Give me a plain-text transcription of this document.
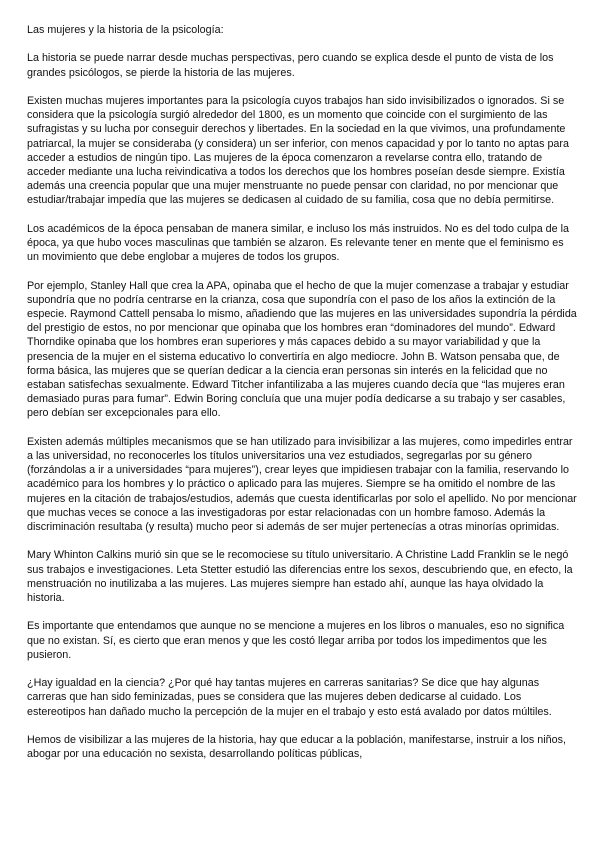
Las mujeres y la historia de la psicología:

La historia se puede narrar desde muchas perspectivas, pero cuando se explica desde el punto de vista de los grandes psicólogos, se pierde la historia de las mujeres.

Existen muchas mujeres importantes para la psicología cuyos trabajos han sido invisibilizados o ignorados. Si se considera que la psicología surgió alrededor del 1800, es un momento que coincide con el surgimiento de las sufragistas y su lucha por conseguir derechos y libertades. En la sociedad en la que vivimos, una profundamente patriarcal, la mujer se consideraba (y considera) un ser inferior, con menos capacidad y por lo tanto no aptas para acceder a estudios de ningún tipo. Las mujeres de la época comenzaron a revelarse contra ello, tratando de acceder mediante una lucha reivindicativa a todos los derechos que los hombres poseían desde siempre. Existía además una creencia popular que una mujer menstruante no puede pensar con claridad, no por mencionar que estudiar/trabajar impedía que las mujeres se dedicasen al cuidado de su familia, cosa que no debía permitirse.

Los académicos de la época pensaban de manera similar, e incluso los más instruidos. No es del todo culpa de la época, ya que hubo voces masculinas que también se alzaron. Es relevante tener en mente que el feminismo es un movimiento que debe englobar a mujeres de todos los grupos.

Por ejemplo, Stanley Hall que crea la APA, opinaba que el hecho de que la mujer comenzase a trabajar y estudiar supondría que no podría centrarse en la crianza, cosa que supondría con el paso de los años la extinción de la especie. Raymond Cattell pensaba lo mismo, añadiendo que las mujeres en las universidades supondría la pérdida del prestigio de estos, no por mencionar que opinaba que los hombres eran “dominadores del mundo”. Edward Thorndike opinaba que los hombres eran superiores y más capaces debido a su mayor variabilidad y que la presencia de la mujer en el sistema educativo lo convertiría en algo mediocre. John B. Watson pensaba que, de forma básica, las mujeres que se querían dedicar a la ciencia eran personas sin interés en la felicidad que no estaban satisfechas sexualmente. Edward Titcher infantilizaba a las mujeres cuando decía que “las mujeres eran demasiado puras para fumar”. Edwin Boring concluía que una mujer podía dedicarse a su trabajo y ser casables, pero debían ser excepcionales para ello.

Existen además múltiples mecanismos que se han utilizado para invisibilizar a las mujeres, como impedirles entrar a las universidad, no reconocerles los títulos universitarios una vez estudiados, segregarlas por su género (forzándolas a ir a universidades “para mujeres”), crear leyes que impidiesen trabajar con la familia, reservando lo académico para los hombres y lo práctico o aplicado para las mujeres. Siempre se ha omitido el nombre de las mujeres en la citación de trabajos/estudios, además que cuesta identificarlas por solo el apellido. No por mencionar que muchas veces se conoce a las investigadoras por estar relacionadas con un hombre famoso. Además la discriminación resultaba (y resulta) mucho peor si además de ser mujer pertenecías a otras minorías oprimidas.

Mary Whinton Calkins murió sin que se le recomociese su título universitario. A Christine Ladd Franklin se le negó sus trabajos e investigaciones. Leta Stetter estudió las diferencias entre los sexos, descubriendo que, en efecto, la menstruación no inutilizaba a las mujeres. Las mujeres siempre han estado ahí, aunque las haya olvidado la historia.

Es importante que entendamos que aunque no se mencione a mujeres en los libros o manuales, eso no significa que no existan. Sí, es cierto que eran menos y que les costó llegar arriba por todos los impedimentos que les pusieron.

¿Hay igualdad en la ciencia? ¿Por qué hay tantas mujeres en carreras sanitarias? Se dice que hay algunas carreras que han sido feminizadas, pues se considera que las mujeres deben dedicarse al cuidado. Los estereotipos han dañado mucho la percepción de la mujer en el trabajo y esto está avalado por datos múltiles.

Hemos de visibilizar a las mujeres de la historia, hay que educar a la población, manifestarse, instruir a los niños, abogar por una educación no sexista, desarrollando políticas públicas,
